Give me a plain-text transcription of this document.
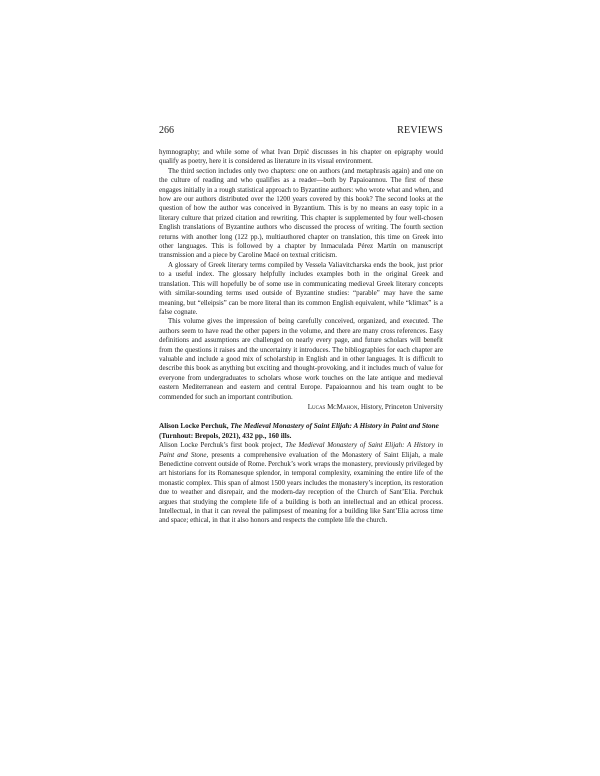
266	REVIEWS

hymnography; and while some of what Ivan Drpić discusses in his chapter on epigraphy would qualify as poetry, here it is considered as literature in its visual environment.

The third section includes only two chapters: one on authors (and metaphrasis again) and one on the culture of reading and who qualifies as a reader—both by Papaioannou. The first of these engages initially in a rough statistical approach to Byzantine authors: who wrote what and when, and how are our authors distributed over the 1200 years covered by this book? The second looks at the question of how the author was conceived in Byzantium. This is by no means an easy topic in a literary culture that prized citation and rewriting. This chapter is supplemented by four well-chosen English translations of Byzantine authors who discussed the process of writing. The fourth section returns with another long (122 pp.), multiauthored chapter on translation, this time on Greek into other languages. This is followed by a chapter by Inmaculada Pérez Martín on manuscript transmission and a piece by Caroline Macé on textual criticism.

A glossary of Greek literary terms compiled by Vessela Valiavitcharska ends the book, just prior to a useful index. The glossary helpfully includes examples both in the original Greek and translation. This will hopefully be of some use in communicating medieval Greek literary concepts with similar-sounding terms used outside of Byzantine studies: “parable” may have the same meaning, but “elleipsis” can be more literal than its common English equivalent, while “klimax” is a false cognate.

This volume gives the impression of being carefully conceived, organized, and executed. The authors seem to have read the other papers in the volume, and there are many cross references. Easy definitions and assumptions are challenged on nearly every page, and future scholars will benefit from the questions it raises and the uncertainty it introduces. The bibliographies for each chapter are valuable and include a good mix of scholarship in English and in other languages. It is difficult to describe this book as anything but exciting and thought-provoking, and it includes much of value for everyone from undergraduates to scholars whose work touches on the late antique and medieval eastern Mediterranean and eastern and central Europe. Papaioannou and his team ought to be commended for such an important contribution.

Lucas McMahon, History, Princeton University
Alison Locke Perchuk, The Medieval Monastery of Saint Elijah: A History in Paint and Stone (Turnhout: Brepols, 2021), 432 pp., 160 ills.
Alison Locke Perchuk’s first book project, The Medieval Monastery of Saint Elijah: A History in Paint and Stone, presents a comprehensive evaluation of the Monastery of Saint Elijah, a male Benedictine convent outside of Rome. Perchuk’s work wraps the monastery, previously privileged by art historians for its Romanesque splendor, in temporal complexity, examining the entire life of the monastic complex. This span of almost 1500 years includes the monastery’s inception, its restoration due to weather and disrepair, and the modern-day reception of the Church of Sant’Elia. Perchuk argues that studying the complete life of a building is both an intellectual and an ethical process. Intellectual, in that it can reveal the palimpsest of meaning for a building like Sant’Elia across time and space; ethical, in that it also honors and respects the complete life the church.
